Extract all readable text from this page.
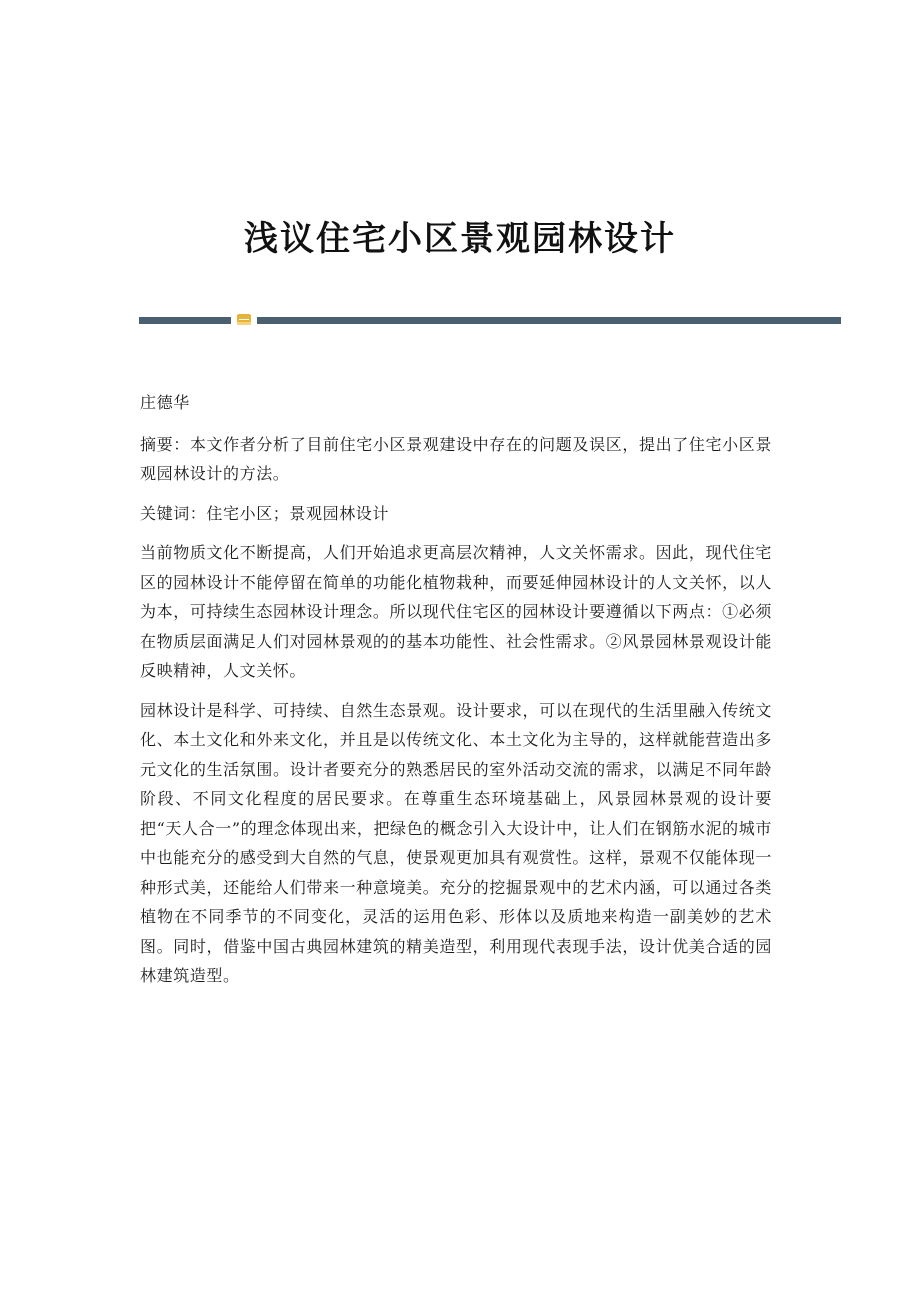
浅议住宅小区景观园林设计

庄德华

摘要：本文作者分析了目前住宅小区景观建设中存在的问题及误区，提出了住宅小区景观园林设计的方法。

关键词：住宅小区；景观园林设计

当前物质文化不断提高，人们开始追求更高层次精神，人文关怀需求。因此，现代住宅区的园林设计不能停留在简单的功能化植物栽种，而要延伸园林设计的人文关怀，以人为本，可持续生态园林设计理念。所以现代住宅区的园林设计要遵循以下两点：①必须在物质层面满足人们对园林景观的的基本功能性、社会性需求。②风景园林景观设计能反映精神，人文关怀。

园林设计是科学、可持续、自然生态景观。设计要求，可以在现代的生活里融入传统文化、本土文化和外来文化，并且是以传统文化、本土文化为主导的，这样就能营造出多元文化的生活氛围。设计者要充分的熟悉居民的室外活动交流的需求，以满足不同年龄阶段、不同文化程度的居民要求。在尊重生态环境基础上，风景园林景观的设计要把“天人合一”的理念体现出来，把绿色的概念引入大设计中，让人们在钢筋水泥的城市中也能充分的感受到大自然的气息，使景观更加具有观赏性。这样，景观不仅能体现一种形式美，还能给人们带来一种意境美。充分的挖掘景观中的艺术内涵，可以通过各类植物在不同季节的不同变化，灵活的运用色彩、形体以及质地来构造一副美妙的艺术图。同时，借鉴中国古典园林建筑的精美造型，利用现代表现手法，设计优美合适的园林建筑造型。
